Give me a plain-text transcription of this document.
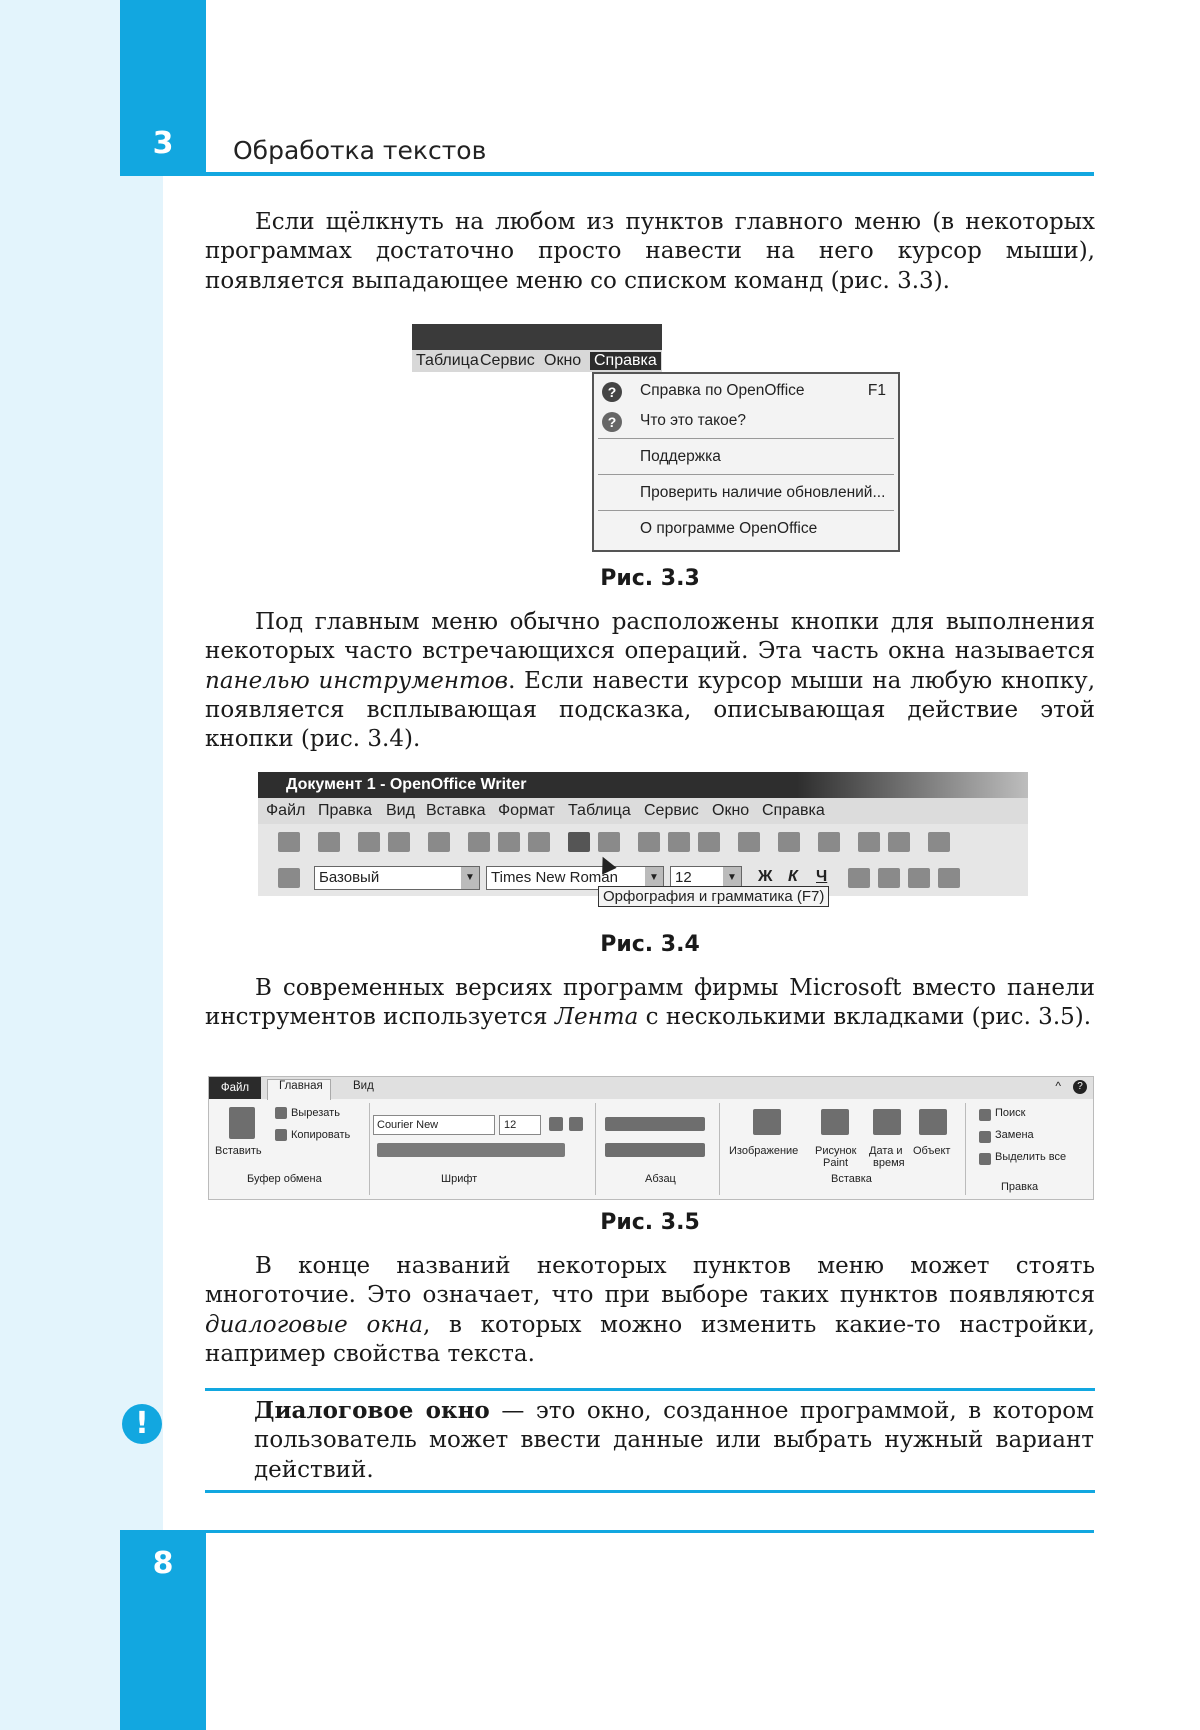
3	Обработка текстов
Если щёлкнуть на любом из пунктов главного меню (в некоторых программах достаточно просто навести на него курсор мыши), появляется выпадающее меню со списком команд (рис. 3.3).
Таблица Сервис Окно Справка
?	Справка по OpenOffice	F1
?	Что это такое?
Поддержка
Проверить наличие обновлений...
О программе OpenOffice
Рис. 3.3
Под главным меню обычно расположены кнопки для выполнения некоторых часто встречающихся операций. Эта часть окна называется панелью инструментов. Если навести курсор мыши на любую кнопку, появляется всплывающая подсказка, описывающая действие этой кнопки (рис. 3.4).
Документ 1 - OpenOffice Writer
Файл Правка Вид Вставка Формат Таблица Сервис Окно Справка
Базовый	▼	Times New Roman	▼	12	▼ Ж К Ч
Орфография и грамматика (F7)
Рис. 3.4
В современных версиях программ фирмы Microsoft вместо панели инструментов используется Лента с несколькими вкладками (рис. 3.5).
Файл	Главная	Вид	^	?
Вставить
Вырезать
Копировать
Буфер обмена
Courier New	12
Шрифт	Абзац
Изображение Рисунок
Paint
Дата и
время
Объект
Вставка
Поиск
Замена
Выделить все
Правка
Рис. 3.5
В конце названий некоторых пунктов меню может стоять многоточие. Это означает, что при выборе таких пунктов появляются диалоговые окна, в которых можно изменить какие-то настройки, например свойства текста.
!	Диалоговое окно — это окно, созданное программой, в котором пользователь может ввести данные или выбрать нужный вариант действий.
8
